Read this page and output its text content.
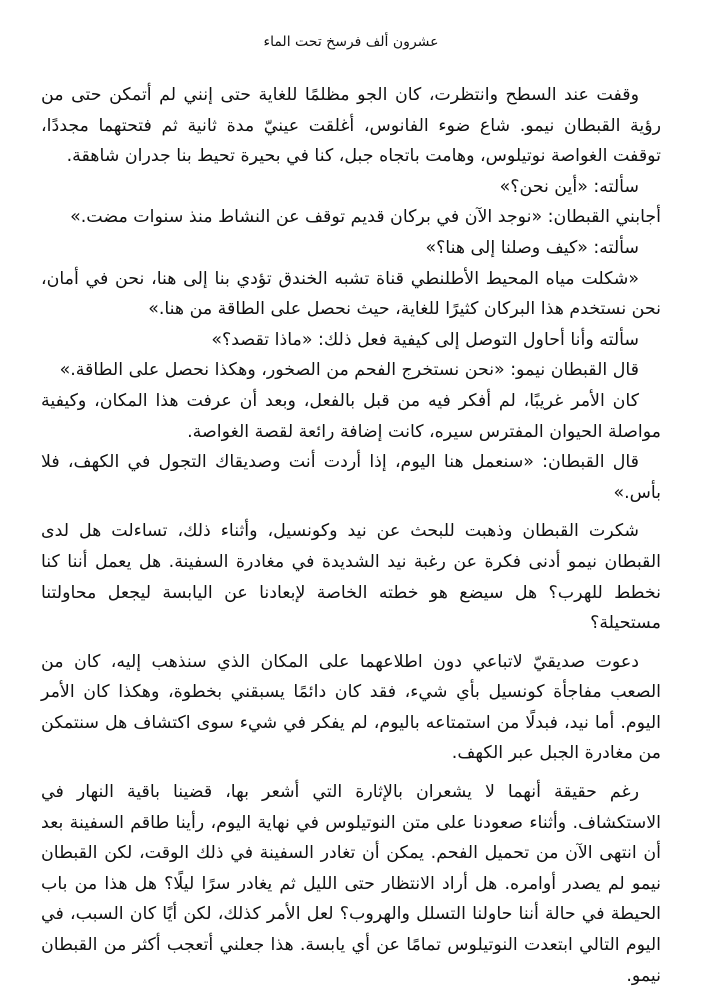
عشرون ألف فرسخ تحت الماء

وقفت عند السطح وانتظرت، كان الجو مظلمًا للغاية حتى إنني لم أتمكن حتى من رؤية القبطان نيمو. شاع ضوء الفانوس، أغلقت عينيّ مدة ثانية ثم فتحتهما مجددًا، توقفت الغواصة نوتيلوس، وهامت باتجاه جبل، كنا في بحيرة تحيط بنا جدران شاهقة.

سألته: «أين نحن؟»

أجابني القبطان: «نوجد الآن في بركان قديم توقف عن النشاط منذ سنوات مضت.»

سألته: «كيف وصلنا إلى هنا؟»

«شكلت مياه المحيط الأطلنطي قناة تشبه الخندق تؤدي بنا إلى هنا، نحن في أمان، نحن نستخدم هذا البركان كثيرًا للغاية، حيث نحصل على الطاقة من هنا.»

سألته وأنا أحاول التوصل إلى كيفية فعل ذلك: «ماذا تقصد؟»

قال القبطان نيمو: «نحن نستخرج الفحم من الصخور، وهكذا نحصل على الطاقة.»

كان الأمر غريبًا، لم أفكر فيه من قبل بالفعل، وبعد أن عرفت هذا المكان، وكيفية مواصلة الحيوان المفترس سيره، كانت إضافة رائعة لقصة الغواصة.

قال القبطان: «سنعمل هنا اليوم، إذا أردت أنت وصديقاك التجول في الكهف، فلا بأس.»

شكرت القبطان وذهبت للبحث عن نيد وكونسيل، وأثناء ذلك، تساءلت هل لدى القبطان نيمو أدنى فكرة عن رغبة نيد الشديدة في مغادرة السفينة. هل يعمل أننا كنا نخطط للهرب؟ هل سيضع هو خطته الخاصة لإبعادنا عن اليابسة ليجعل محاولتنا مستحيلة؟

دعوت صديقيّ لاتباعي دون اطلاعهما على المكان الذي سنذهب إليه، كان من الصعب مفاجأة كونسيل بأي شيء، فقد كان دائمًا يسبقني بخطوة، وهكذا كان الأمر اليوم. أما نيد، فبدلًا من استمتاعه باليوم، لم يفكر في شيء سوى اكتشاف هل سنتمكن من مغادرة الجبل عبر الكهف.

رغم حقيقة أنهما لا يشعران بالإثارة التي أشعر بها، قضينا باقية النهار في الاستكشاف. وأثناء صعودنا على متن النوتيلوس في نهاية اليوم، رأينا طاقم السفينة بعد أن انتهى الآن من تحميل الفحم. يمكن أن تغادر السفينة في ذلك الوقت، لكن القبطان نيمو لم يصدر أوامره. هل أراد الانتظار حتى الليل ثم يغادر سرًا ليلًا؟ هل هذا من باب الحيطة في حالة أننا حاولنا التسلل والهروب؟ لعل الأمر كذلك، لكن أيًا كان السبب، في اليوم التالي ابتعدت النوتيلوس تمامًا عن أي يابسة. هذا جعلني أتعجب أكثر من القبطان نيمو.
